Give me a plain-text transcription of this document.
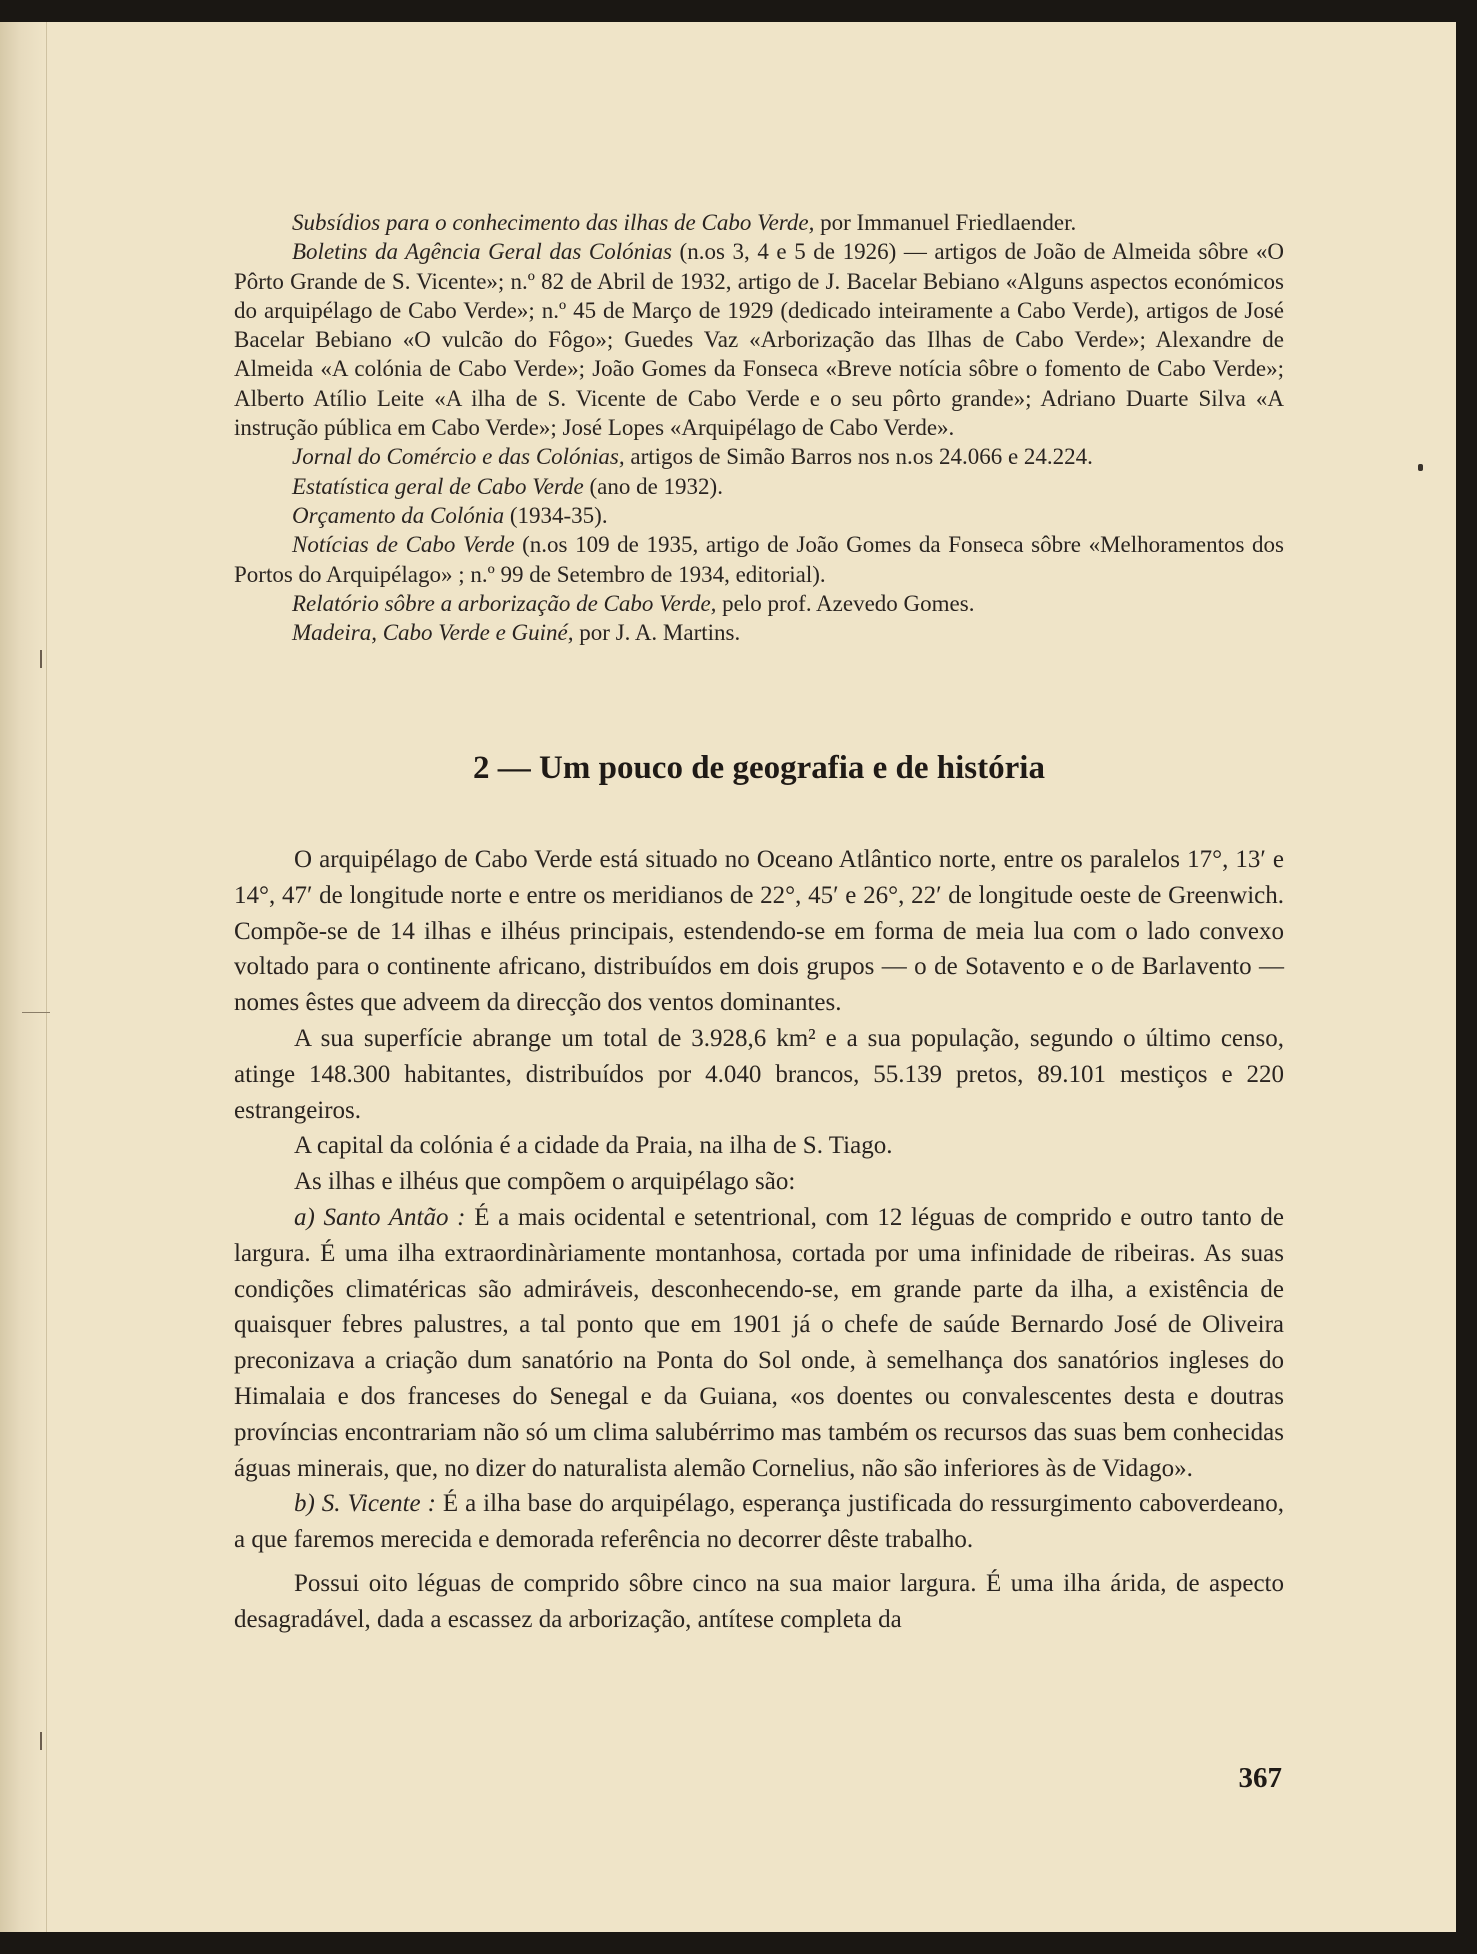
Subsídios para o conhecimento das ilhas de Cabo Verde, por Immanuel Friedlaender.

Boletins da Agência Geral das Colónias (n.os 3, 4 e 5 de 1926) — artigos de João de Almeida sôbre «O Pôrto Grande de S. Vicente»; n.º 82 de Abril de 1932, artigo de J. Bacelar Bebiano «Alguns aspectos económicos do arquipélago de Cabo Verde»; n.º 45 de Março de 1929 (dedicado inteiramente a Cabo Verde), artigos de José Bacelar Bebiano «O vulcão do Fôgo»; Guedes Vaz «Arborização das Ilhas de Cabo Verde»; Alexandre de Almeida «A colónia de Cabo Verde»; João Gomes da Fonseca «Breve notícia sôbre o fomento de Cabo Verde»; Alberto Atílio Leite «A ilha de S. Vicente de Cabo Verde e o seu pôrto grande»; Adriano Duarte Silva «A instrução pública em Cabo Verde»; José Lopes «Arquipélago de Cabo Verde».

Jornal do Comércio e das Colónias, artigos de Simão Barros nos n.os 24.066 e 24.224.

Estatística geral de Cabo Verde (ano de 1932).

Orçamento da Colónia (1934-35).

Notícias de Cabo Verde (n.os 109 de 1935, artigo de João Gomes da Fonseca sôbre «Melhoramentos dos Portos do Arquipélago» ; n.º 99 de Setembro de 1934, editorial).

Relatório sôbre a arborização de Cabo Verde, pelo prof. Azevedo Gomes.

Madeira, Cabo Verde e Guiné, por J. A. Martins.

2 — Um pouco de geografia e de história

O arquipélago de Cabo Verde está situado no Oceano Atlântico norte, entre os paralelos 17°, 13′ e 14°, 47′ de longitude norte e entre os meridianos de 22°, 45′ e 26°, 22′ de longitude oeste de Greenwich. Compõe-se de 14 ilhas e ilhéus principais, estendendo-se em forma de meia lua com o lado convexo voltado para o continente africano, distribuídos em dois grupos — o de Sotavento e o de Barlavento — nomes êstes que adveem da direcção dos ventos dominantes.

A sua superfície abrange um total de 3.928,6 km² e a sua população, segundo o último censo, atinge 148.300 habitantes, distribuídos por 4.040 brancos, 55.139 pretos, 89.101 mestiços e 220 estrangeiros.

A capital da colónia é a cidade da Praia, na ilha de S. Tiago.

As ilhas e ilhéus que compõem o arquipélago são:

a) Santo Antão : É a mais ocidental e setentrional, com 12 léguas de comprido e outro tanto de largura. É uma ilha extraordinàriamente montanhosa, cortada por uma infinidade de ribeiras. As suas condições climatéricas são admiráveis, desconhecendo-se, em grande parte da ilha, a existência de quaisquer febres palustres, a tal ponto que em 1901 já o chefe de saúde Bernardo José de Oliveira preconizava a criação dum sanatório na Ponta do Sol onde, à semelhança dos sanatórios ingleses do Himalaia e dos franceses do Senegal e da Guiana, «os doentes ou convalescentes desta e doutras províncias encontrariam não só um clima salubérrimo mas também os recursos das suas bem conhecidas águas minerais, que, no dizer do naturalista alemão Cornelius, não são inferiores às de Vidago».

b) S. Vicente : É a ilha base do arquipélago, esperança justificada do ressurgimento caboverdeano, a que faremos merecida e demorada referência no decorrer dêste trabalho.

Possui oito léguas de comprido sôbre cinco na sua maior largura. É uma ilha árida, de aspecto desagradável, dada a escassez da arborização, antítese completa da

367
